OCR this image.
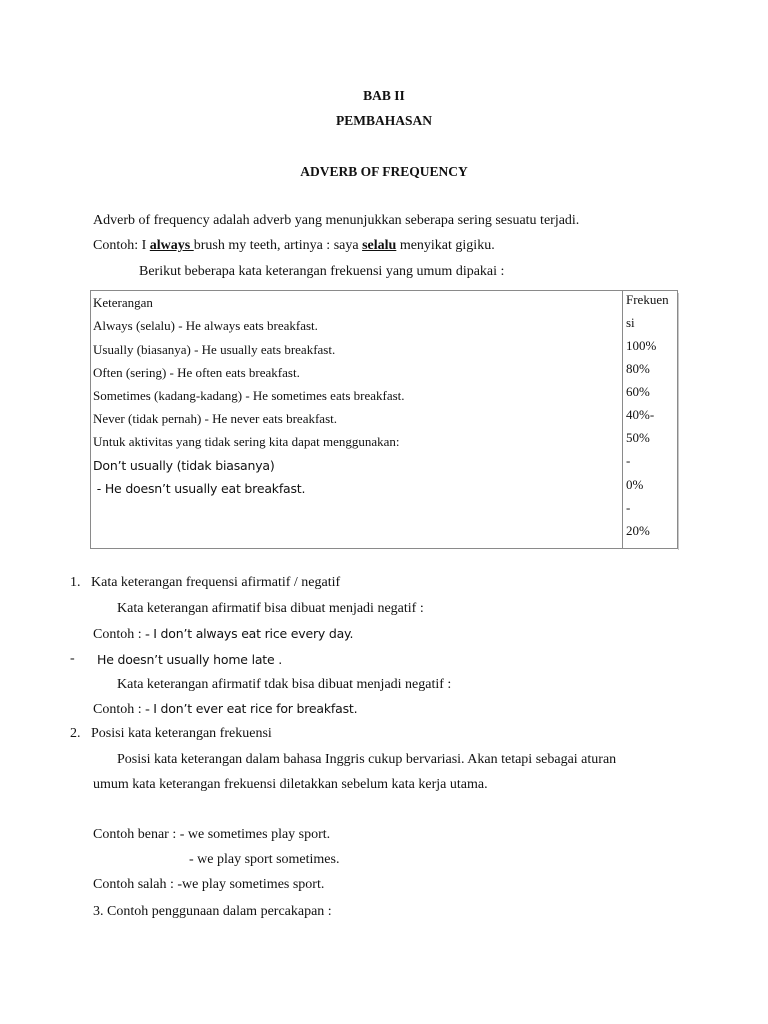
BAB II
PEMBAHASAN
ADVERB OF FREQUENCY
Adverb of frequency adalah adverb yang menunjukkan seberapa sering sesuatu terjadi.
Contoh: I always brush my teeth, artinya : saya selalu menyikat gigiku.
Berikut beberapa kata keterangan frekuensi yang umum dipakai :
Keterangan
Always (selalu) - He always eats breakfast.
Usually (biasanya) - He usually eats breakfast.
Often (sering) - He often eats breakfast.
Sometimes (kadang-kadang) - He sometimes eats breakfast.
Never (tidak pernah) - He never eats breakfast.
Untuk aktivitas yang tidak sering kita dapat menggunakan:
Don’t usually (tidak biasanya)
- He doesn’t usually eat breakfast.
Frekuen
si
100%
80%
60%
40%-
50%
-
0%
-
20%
1.   Kata keterangan frequensi afirmatif / negatif
Kata keterangan afirmatif bisa dibuat menjadi negatif :
Contoh : - I don’t always eat rice every day.
- He doesn’t usually home late .
Kata keterangan afirmatif tdak bisa dibuat menjadi negatif :
Contoh : - I don’t ever eat rice for breakfast.
2.   Posisi kata keterangan frekuensi
Posisi kata keterangan dalam bahasa Inggris cukup bervariasi. Akan tetapi sebagai aturan
umum kata keterangan frekuensi diletakkan sebelum kata kerja utama.
Contoh benar : - we sometimes play sport.
- we play sport sometimes.
Contoh salah : -we play sometimes sport.
3. Contoh penggunaan dalam percakapan :
